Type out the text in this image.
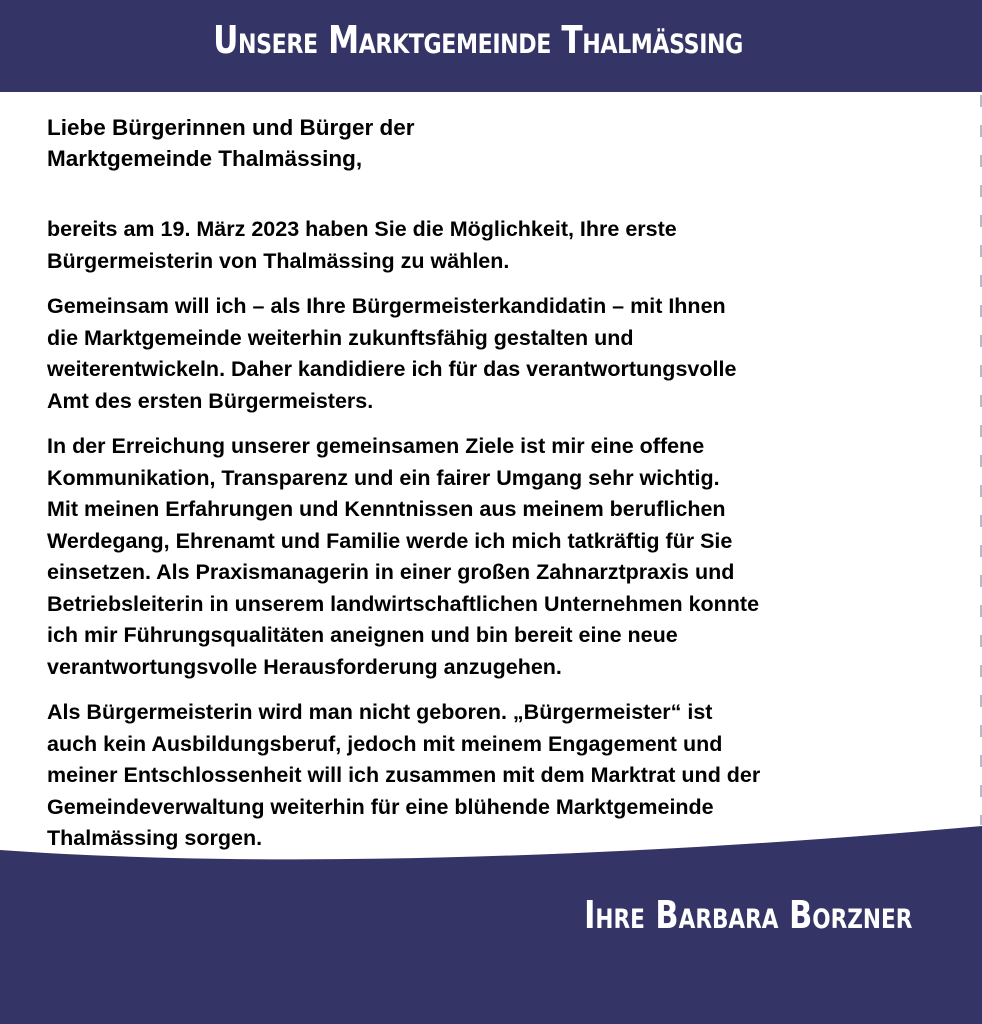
Unsere Marktgemeinde Thalmässing
Liebe Bürgerinnen und Bürger der
Marktgemeinde Thalmässing,
bereits am 19. März 2023 haben Sie die Möglichkeit, Ihre erste
Bürgermeisterin von Thalmässing zu wählen.
Gemeinsam will ich – als Ihre Bürgermeisterkandidatin – mit Ihnen
die Marktgemeinde weiterhin zukunftsfähig gestalten und
weiterentwickeln. Daher kandidiere ich für das verantwortungsvolle
Amt des ersten Bürgermeisters.
In der Erreichung unserer gemeinsamen Ziele ist mir eine offene
Kommunikation, Transparenz und ein fairer Umgang sehr wichtig.
Mit meinen Erfahrungen und Kenntnissen aus meinem beruflichen
Werdegang, Ehrenamt und Familie werde ich mich tatkräftig für Sie
einsetzen. Als Praxismanagerin in einer großen Zahnarztpraxis und
Betriebsleiterin in unserem landwirtschaftlichen Unternehmen konnte
ich mir Führungsqualitäten aneignen und bin bereit eine neue
verantwortungsvolle Herausforderung anzugehen.
Als Bürgermeisterin wird man nicht geboren. „Bürgermeister“ ist
auch kein Ausbildungsberuf, jedoch mit meinem Engagement und
meiner Entschlossenheit will ich zusammen mit dem Marktrat und der
Gemeindeverwaltung weiterhin für eine blühende Marktgemeinde
Thalmässing sorgen.
Ihre Barbara Borzner
